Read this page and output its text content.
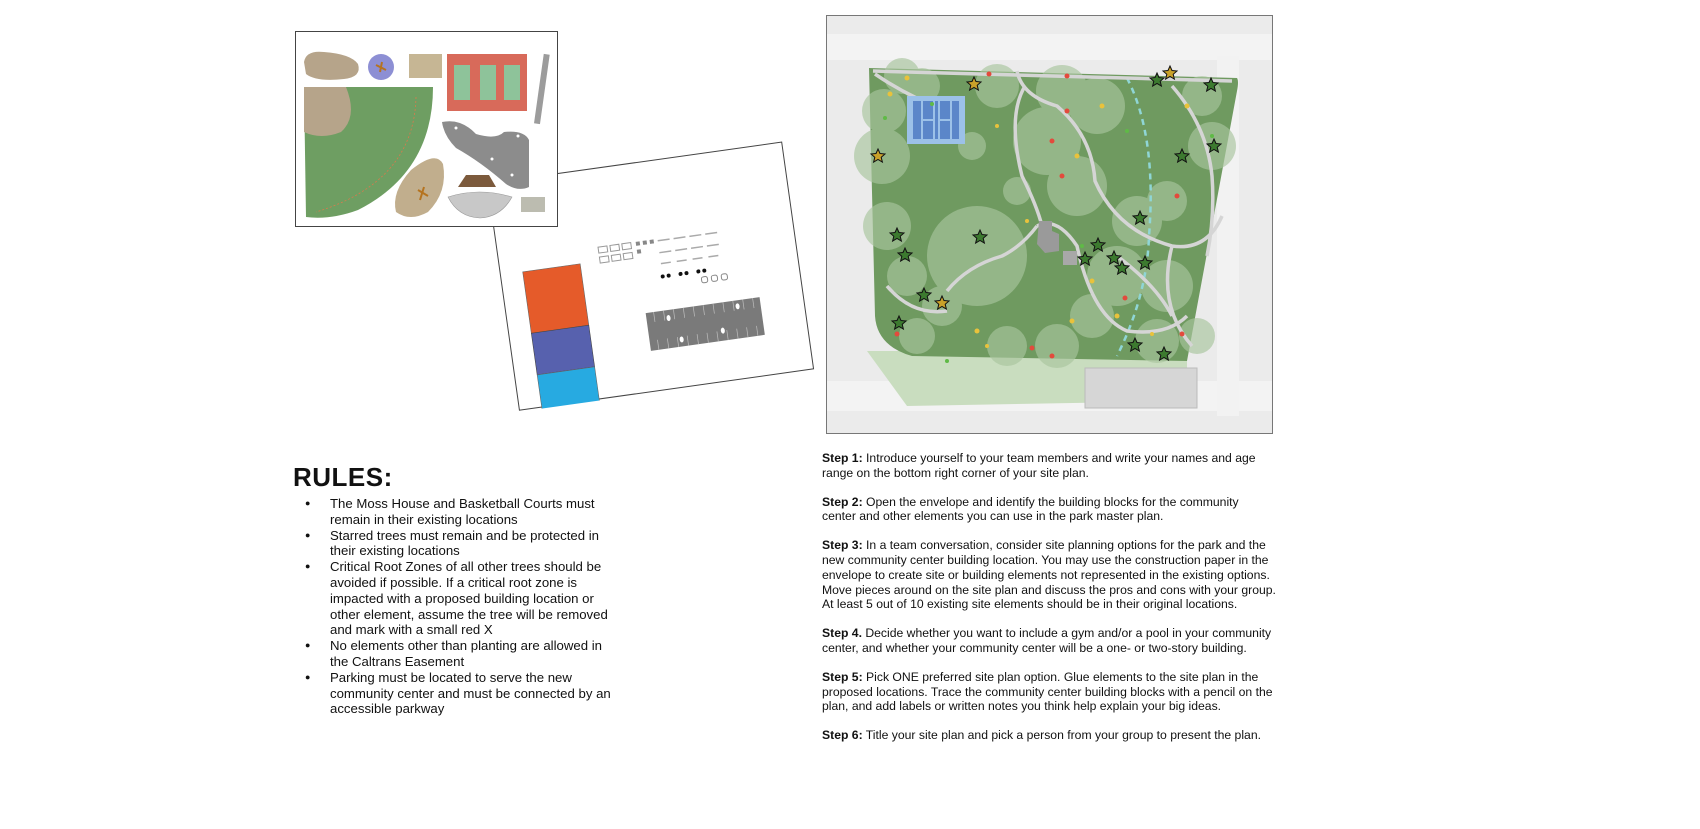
RULES:
● The Moss House and Basketball Courts must
remain in their existing locations
● Starred trees must remain and be protected in
their existing locations
● Critical Root Zones of all other trees should be
avoided if possible. If a critical root zone is
impacted with a proposed building location or
other element, assume the tree will be removed
and mark with a small red X
● No elements other than planting are allowed in
the Caltrans Easement
● Parking must be located to serve the new
community center and must be connected by an
accessible parkway

Step 1: Introduce yourself to your team members and write your names and age
range on the bottom right corner of your site plan.

Step 2: Open the envelope and identify the building blocks for the community
center and other elements you can use in the park master plan.

Step 3: In a team conversation, consider site planning options for the park and the
new community center building location. You may use the construction paper in the
envelope to create site or building elements not represented in the existing options.
Move pieces around on the site plan and discuss the pros and cons with your group.
At least 5 out of 10 existing site elements should be in their original locations.

Step 4. Decide whether you want to include a gym and/or a pool in your community
center, and whether your community center will be a one- or two-story building.

Step 5: Pick ONE preferred site plan option. Glue elements to the site plan in the
proposed locations. Trace the community center building blocks with a pencil on the
plan, and add labels or written notes you think help explain your big ideas.

Step 6: Title your site plan and pick a person from your group to present the plan.
